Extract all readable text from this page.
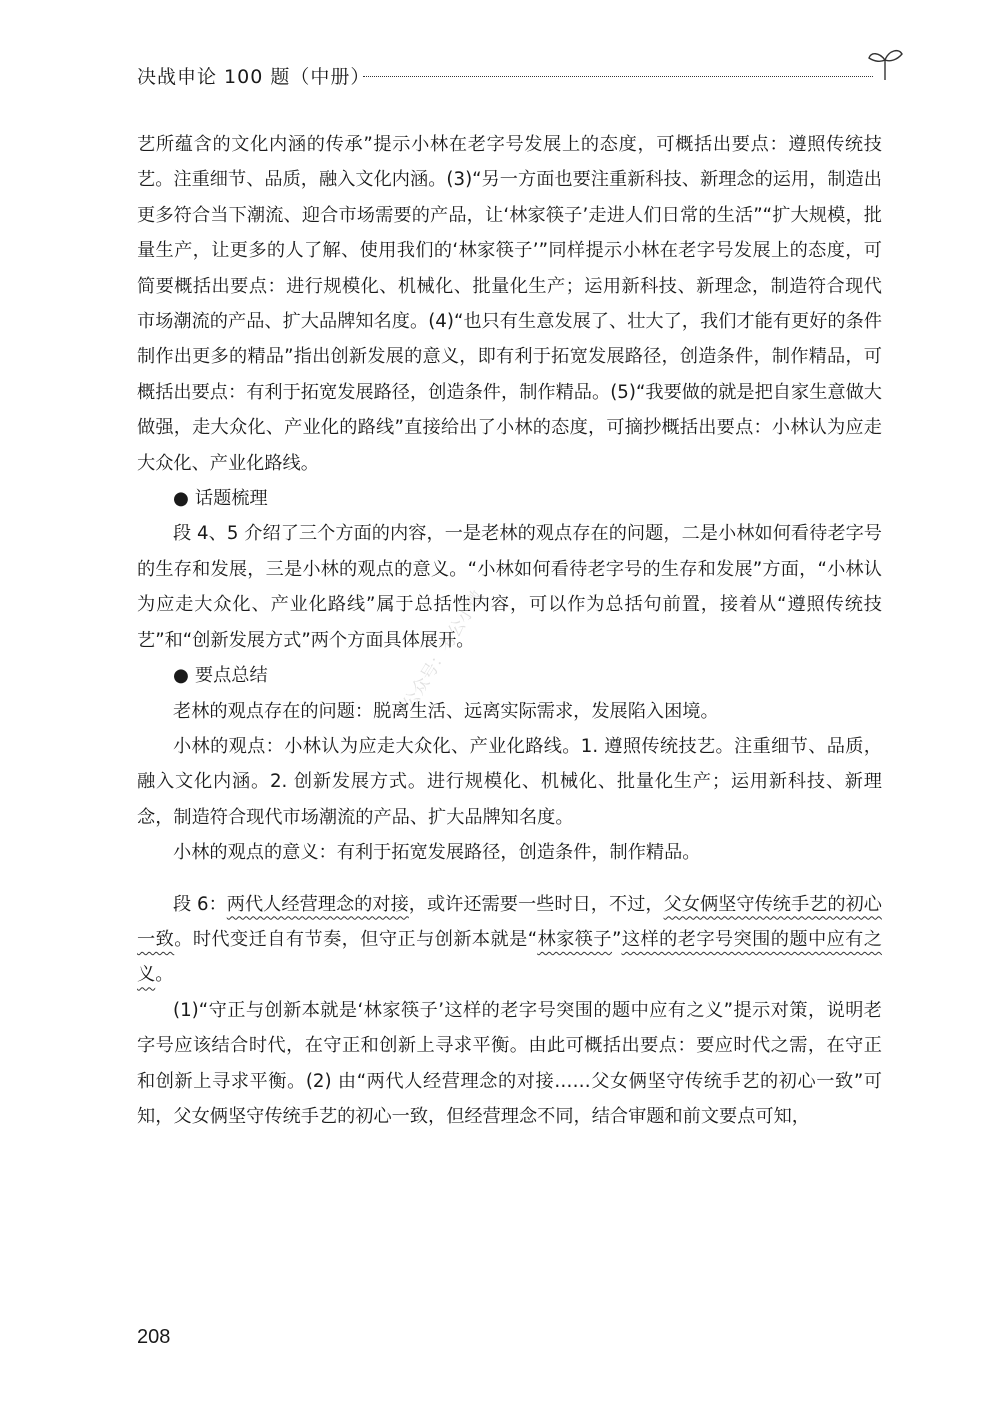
决战申论 100 题（中册）

艺所蕴含的文化内涵的传承”提示小林在老字号发展上的态度，可概括出要点：遵照传统技艺。注重细节、品质，融入文化内涵。(3)“另一方面也要注重新科技、新理念的运用，制造出更多符合当下潮流、迎合市场需要的产品，让‘林家筷子’走进人们日常的生活”“扩大规模，批量生产，让更多的人了解、使用我们的‘林家筷子’”同样提示小林在老字号发展上的态度，可简要概括出要点：进行规模化、机械化、批量化生产；运用新科技、新理念，制造符合现代市场潮流的产品、扩大品牌知名度。(4)“也只有生意发展了、壮大了，我们才能有更好的条件制作出更多的精品”指出创新发展的意义，即有利于拓宽发展路径，创造条件，制作精品，可概括出要点：有利于拓宽发展路径，创造条件，制作精品。(5)“我要做的就是把自家生意做大做强，走大众化、产业化的路线”直接给出了小林的态度，可摘抄概括出要点：小林认为应走大众化、产业化路线。

● 话题梳理

段 4、5 介绍了三个方面的内容，一是老林的观点存在的问题，二是小林如何看待老字号的生存和发展，三是小林的观点的意义。“小林如何看待老字号的生存和发展”方面，“小林认为应走大众化、产业化路线”属于总括性内容，可以作为总括句前置，接着从“遵照传统技艺”和“创新发展方式”两个方面具体展开。

● 要点总结

老林的观点存在的问题：脱离生活、远离实际需求，发展陷入困境。

小林的观点：小林认为应走大众化、产业化路线。1. 遵照传统技艺。注重细节、品质，融入文化内涵。2. 创新发展方式。进行规模化、机械化、批量化生产；运用新科技、新理念，制造符合现代市场潮流的产品、扩大品牌知名度。

小林的观点的意义：有利于拓宽发展路径，创造条件，制作精品。

段 6：两代人经营理念的对接，或许还需要一些时日，不过，父女俩坚守传统手艺的初心一致。时代变迁自有节奏，但守正与创新本就是“林家筷子”这样的老字号突围的题中应有之义。

(1)“守正与创新本就是‘林家筷子’这样的老字号突围的题中应有之义”提示对策，说明老字号应该结合时代，在守正和创新上寻求平衡。由此可概括出要点：要应时代之需，在守正和创新上寻求平衡。(2) 由“两代人经营理念的对接……父女俩坚守传统手艺的初心一致”可知，父女俩坚守传统手艺的初心一致，但经营理念不同，结合审题和前文要点可知，

公众号：考公小微
208
